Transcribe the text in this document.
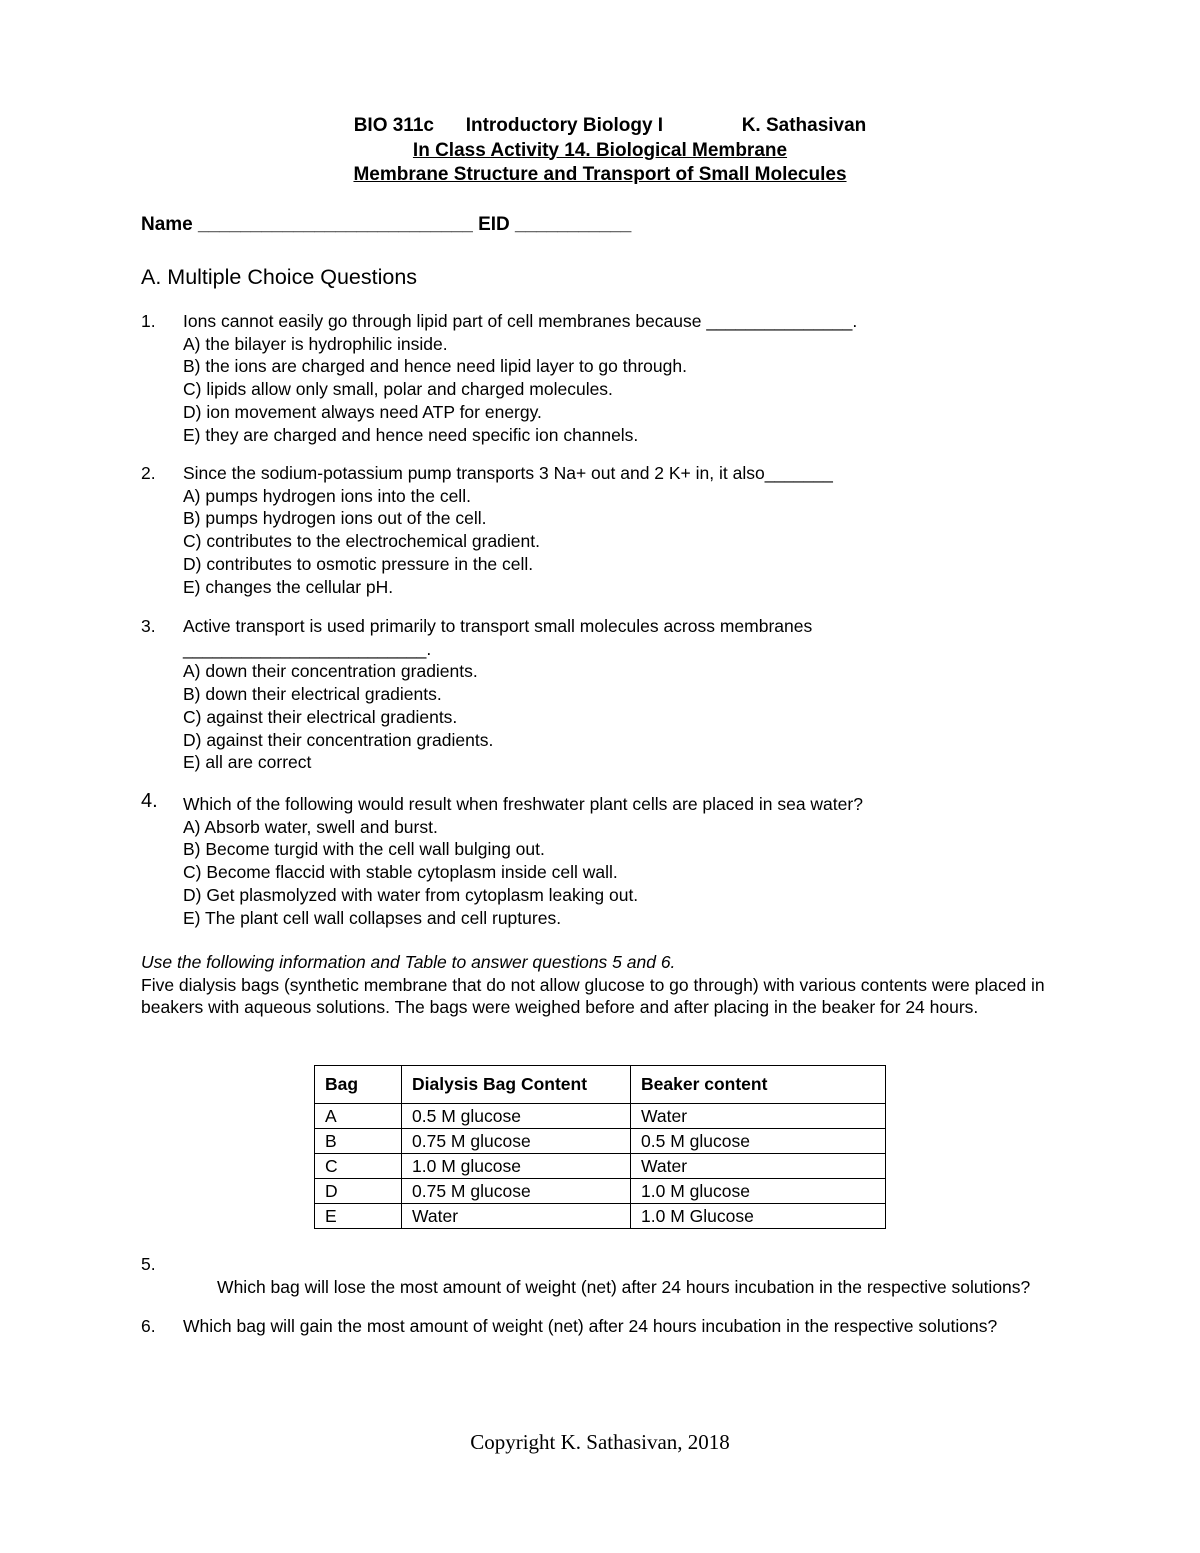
BIO 311c Introductory Biology I	K. Sathasivan
In Class Activity 14. Biological Membrane
Membrane Structure and Transport of Small Molecules
Name __________________________ EID ___________
A. Multiple Choice Questions
1. Ions cannot easily go through lipid part of cell membranes because _______________.
A) the bilayer is hydrophilic inside.
B) the ions are charged and hence need lipid layer to go through.
C) lipids allow only small, polar and charged molecules.
D) ion movement always need ATP for energy.
E) they are charged and hence need specific ion channels.
2. Since the sodium-potassium pump transports 3 Na+ out and 2 K+ in, it also_______
A) pumps hydrogen ions into the cell.
B) pumps hydrogen ions out of the cell.
C) contributes to the electrochemical gradient.
D) contributes to osmotic pressure in the cell.
E) changes the cellular pH.
3. Active transport is used primarily to transport small molecules across membranes
_________________________.
A) down their concentration gradients.
B) down their electrical gradients.
C) against their electrical gradients.
D) against their concentration gradients.
E) all are correct
4. Which of the following would result when freshwater plant cells are placed in sea water?
A) Absorb water, swell and burst.
B) Become turgid with the cell wall bulging out.
C) Become flaccid with stable cytoplasm inside cell wall.
D) Get plasmolyzed with water from cytoplasm leaking out.
E) The plant cell wall collapses and cell ruptures.
Use the following information and Table to answer questions 5 and 6.
Five dialysis bags (synthetic membrane that do not allow glucose to go through) with various contents were placed in beakers with aqueous solutions. The bags were weighed before and after placing in the beaker for 24 hours.
Bag	Dialysis Bag Content	Beaker content
A	0.5 M glucose	Water
B	0.75 M glucose	0.5 M glucose
C	1.0 M glucose	Water
D	0.75 M glucose	1.0 M glucose
E	Water	1.0 M Glucose
5.

Which bag will lose the most amount of weight (net) after 24 hours incubation in the respective solutions?

6. Which bag will gain the most amount of weight (net) after 24 hours incubation in the respective solutions?
Copyright K. Sathasivan, 2018
